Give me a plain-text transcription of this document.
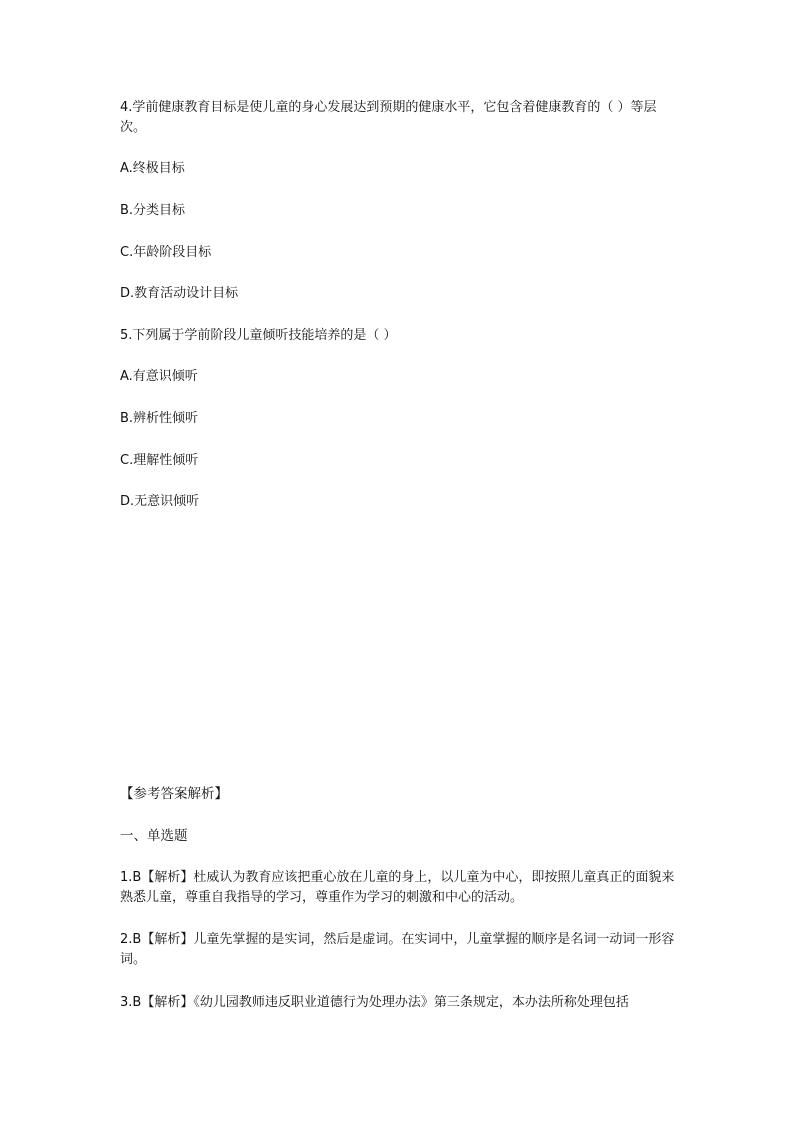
4.学前健康教育目标是使儿童的身心发展达到预期的健康水平，它包含着健康教育的（ ）等层次。

A.终极目标

B.分类目标

C.年龄阶段目标

D.教育活动设计目标

5.下列属于学前阶段儿童倾听技能培养的是（ ）

A.有意识倾听

B.辨析性倾听

C.理解性倾听

D.无意识倾听

【参考答案解析】

一、单选题

1.B【解析】杜威认为教育应该把重心放在儿童的身上，以儿童为中心，即按照儿童真正的面貌来熟悉儿童，尊重自我指导的学习，尊重作为学习的刺激和中心的活动。

2.B【解析】儿童先掌握的是实词，然后是虚词。在实词中，儿童掌握的顺序是名词一动词一形容词。

3.B【解析】《幼儿园教师违反职业道德行为处理办法》第三条规定，本办法所称处理包括
